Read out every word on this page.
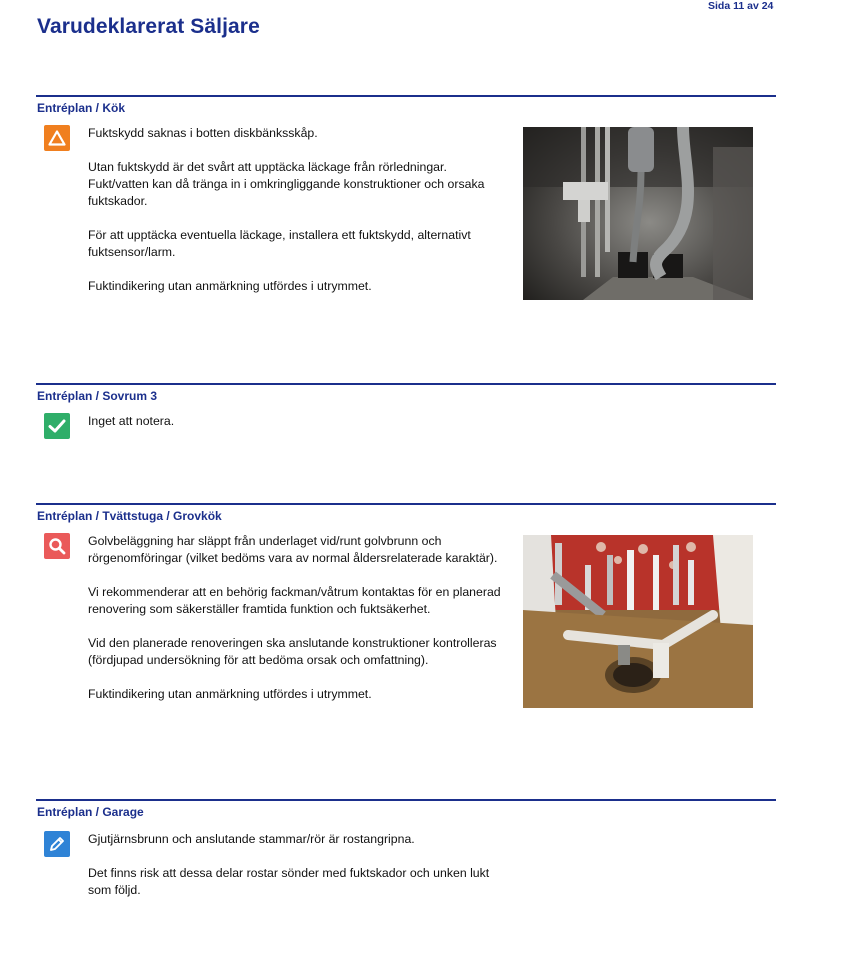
Sida 11 av 24
Varudeklarerat Säljare
Entréplan / Kök

Fuktskydd saknas i botten diskbänksskåp.

Utan fuktskydd är det svårt att upptäcka läckage från rörledningar. Fukt/vatten kan då tränga in i omkringliggande konstruktioner och orsaka fuktskador.

För att upptäcka eventuella läckage, installera ett fuktskydd, alternativt fuktsensor/larm.

Fuktindikering utan anmärkning utfördes i utrymmet.

Entréplan / Sovrum 3

Inget att notera.

Entréplan / Tvättstuga / Grovkök

Golvbeläggning har släppt från underlaget vid/runt golvbrunn och rörgenomföringar (vilket bedöms vara av normal åldersrelaterade karaktär).

Vi rekommenderar att en behörig fackman/våtrum kontaktas för en planerad renovering som säkerställer framtida funktion och fuktsäkerhet.

Vid den planerade renoveringen ska anslutande konstruktioner kontrolleras (fördjupad undersökning för att bedöma orsak och omfattning).

Fuktindikering utan anmärkning utfördes i utrymmet.

Entréplan / Garage

Gjutjärnsbrunn och anslutande stammar/rör är rostangripna.

Det finns risk att dessa delar rostar sönder med fuktskador och unken lukt som följd.
